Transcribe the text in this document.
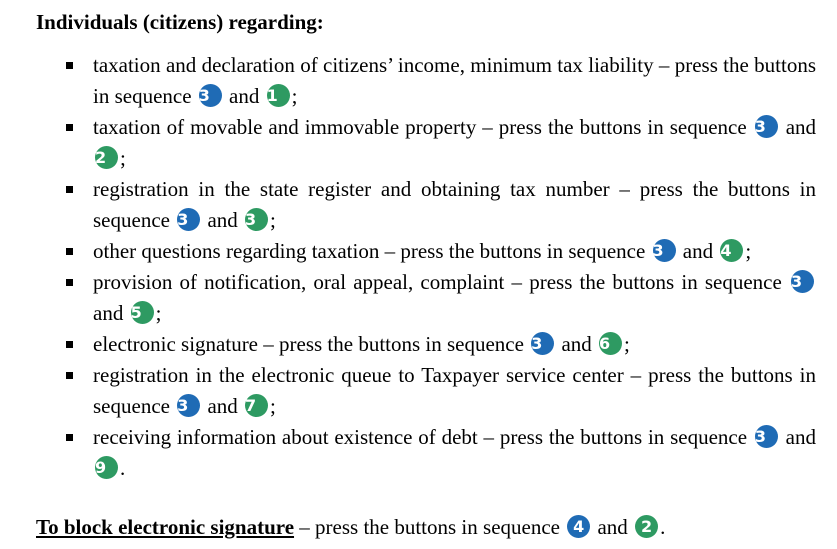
Individuals (citizens) regarding:
taxation and declaration of citizens’ income, minimum tax liability – press the buttons in sequence 3 and 1 ;
taxation of movable and immovable property – press the buttons in sequence 3 and 2 ;
registration in the state register and obtaining tax number – press the buttons in sequence 3 and 3 ;
other questions regarding taxation – press the buttons in sequence 3 and 4 ;
provision of notification, oral appeal, complaint – press the buttons in sequence 3 and 5 ;
electronic signature – press the buttons in sequence 3 and 6 ;
registration in the electronic queue to Taxpayer service center – press the buttons in sequence 3 and 7 ;
receiving information about existence of debt – press the buttons in sequence 3 and 9 .
To block electronic signature – press the buttons in sequence 4 and 2 .
